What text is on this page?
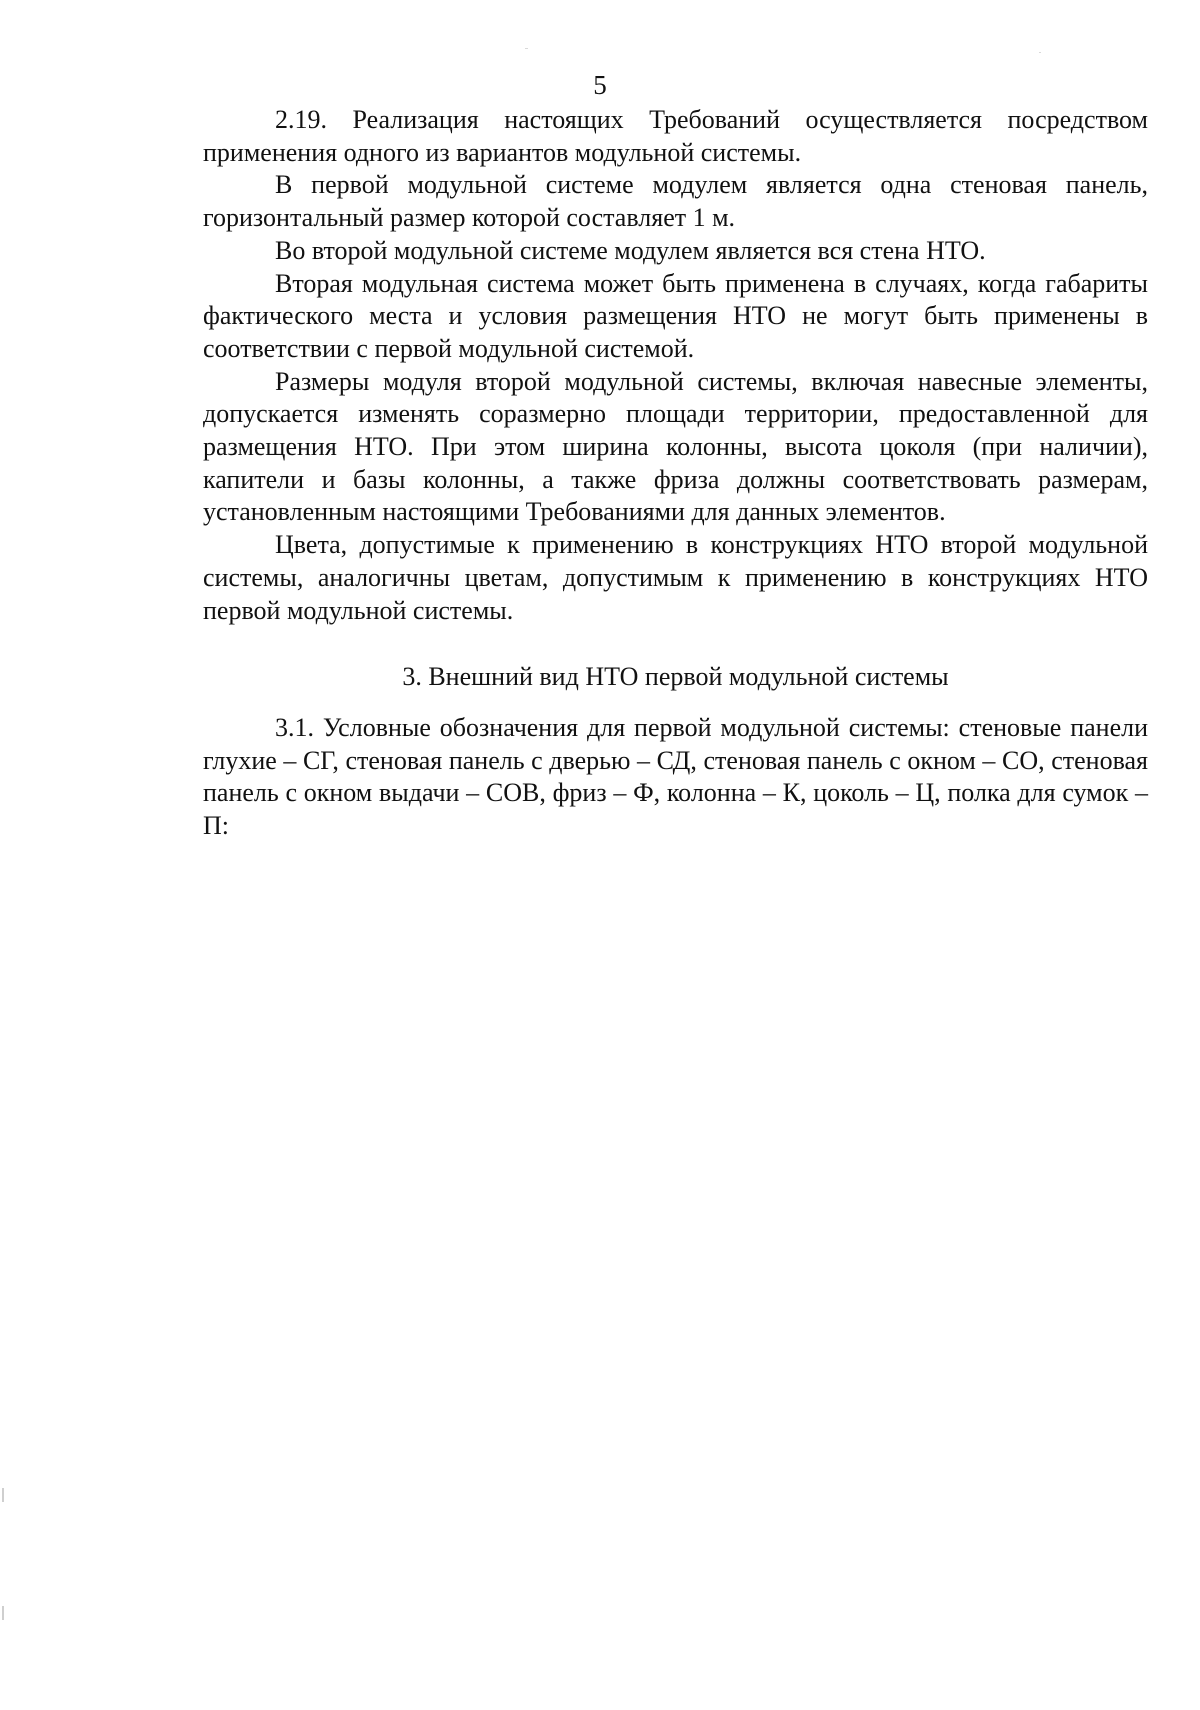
5

2.19. Реализация настоящих Требований осуществляется посредством применения одного из вариантов модульной системы.

В первой модульной системе модулем является одна стеновая панель, горизонтальный размер которой составляет 1 м.

Во второй модульной системе модулем является вся стена НТО.

Вторая модульная система может быть применена в случаях, когда габариты фактического места и условия размещения НТО не могут быть применены в соответствии с первой модульной системой.

Размеры модуля второй модульной системы, включая навесные элементы, допускается изменять соразмерно площади территории, предоставленной для размещения НТО. При этом ширина колонны, высота цоколя (при наличии), капители и базы колонны, а также фриза должны соответствовать размерам, установленным настоящими Требованиями для данных элементов.

Цвета, допустимые к применению в конструкциях НТО второй модульной системы, аналогичны цветам, допустимым к применению в конструкциях НТО первой модульной системы.

3. Внешний вид НТО первой модульной системы

3.1. Условные обозначения для первой модульной системы: стеновые панели глухие – СГ, стеновая панель с дверью – СД, стеновая панель с окном – СО, стеновая панель с окном выдачи – СОВ, фриз – Ф, колонна – К, цоколь – Ц, полка для сумок – П:
